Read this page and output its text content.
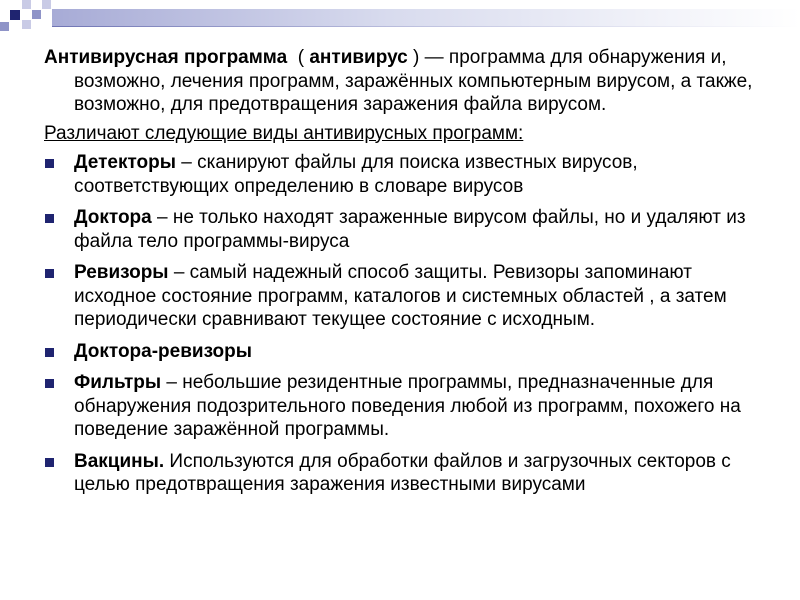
Антивирусная программа ( антивирус ) — программа для обнаружения и, возможно, лечения программ, заражённых компьютерным вирусом, а также, возможно, для предотвращения заражения файла вирусом.

Различают следующие виды антивирусных программ:

Детекторы – сканируют файлы для поиска известных вирусов, соответствующих определению в словаре вирусов
Доктора – не только находят зараженные вирусом файлы, но и удаляют из файла тело программы-вируса
Ревизоры – самый надежный способ защиты. Ревизоры запоминают исходное состояние программ, каталогов и системных областей , а затем периодически сравнивают текущее состояние с исходным.
Доктора-ревизоры
Фильтры – небольшие резидентные программы, предназначенные для обнаружения подозрительного поведения любой из программ, похожего на поведение заражённой программы.
Вакцины. Используются для обработки файлов и загрузочных секторов с целью предотвращения заражения известными вирусами
